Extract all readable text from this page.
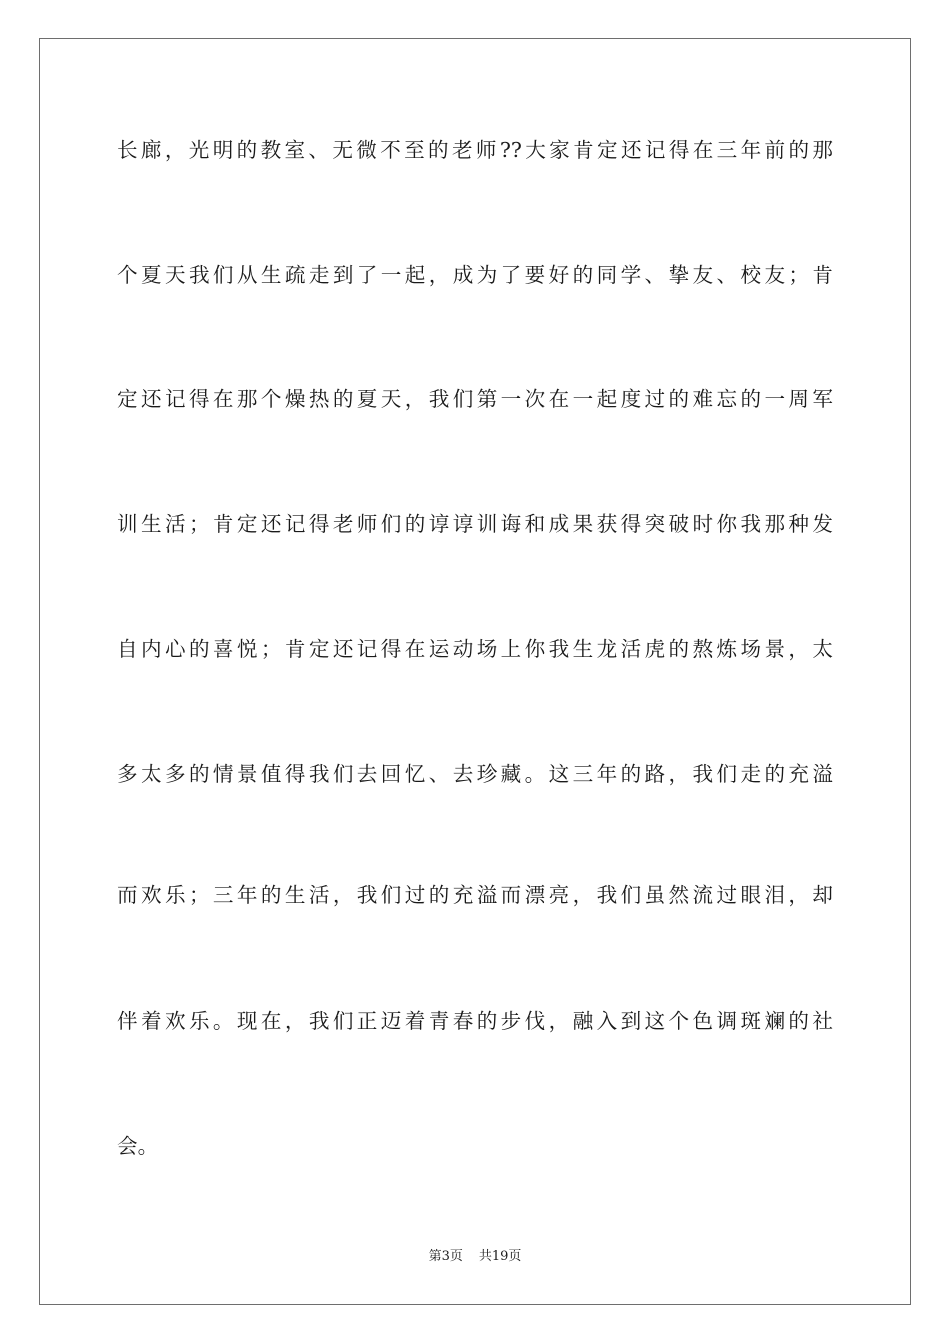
长廊，光明的教室、无微不至的老师??大家肯定还记得在三年前的那
个夏天我们从生疏走到了一起，成为了要好的同学、挚友、校友；肯
定还记得在那个燥热的夏天，我们第一次在一起度过的难忘的一周军
训生活；肯定还记得老师们的谆谆训诲和成果获得突破时你我那种发
自内心的喜悦；肯定还记得在运动场上你我生龙活虎的熬炼场景，太
多太多的情景值得我们去回忆、去珍藏。这三年的路，我们走的充溢
而欢乐；三年的生活，我们过的充溢而漂亮，我们虽然流过眼泪，却
伴着欢乐。现在，我们正迈着青春的步伐，融入到这个色调斑斓的社
会。
第3页 共19页
